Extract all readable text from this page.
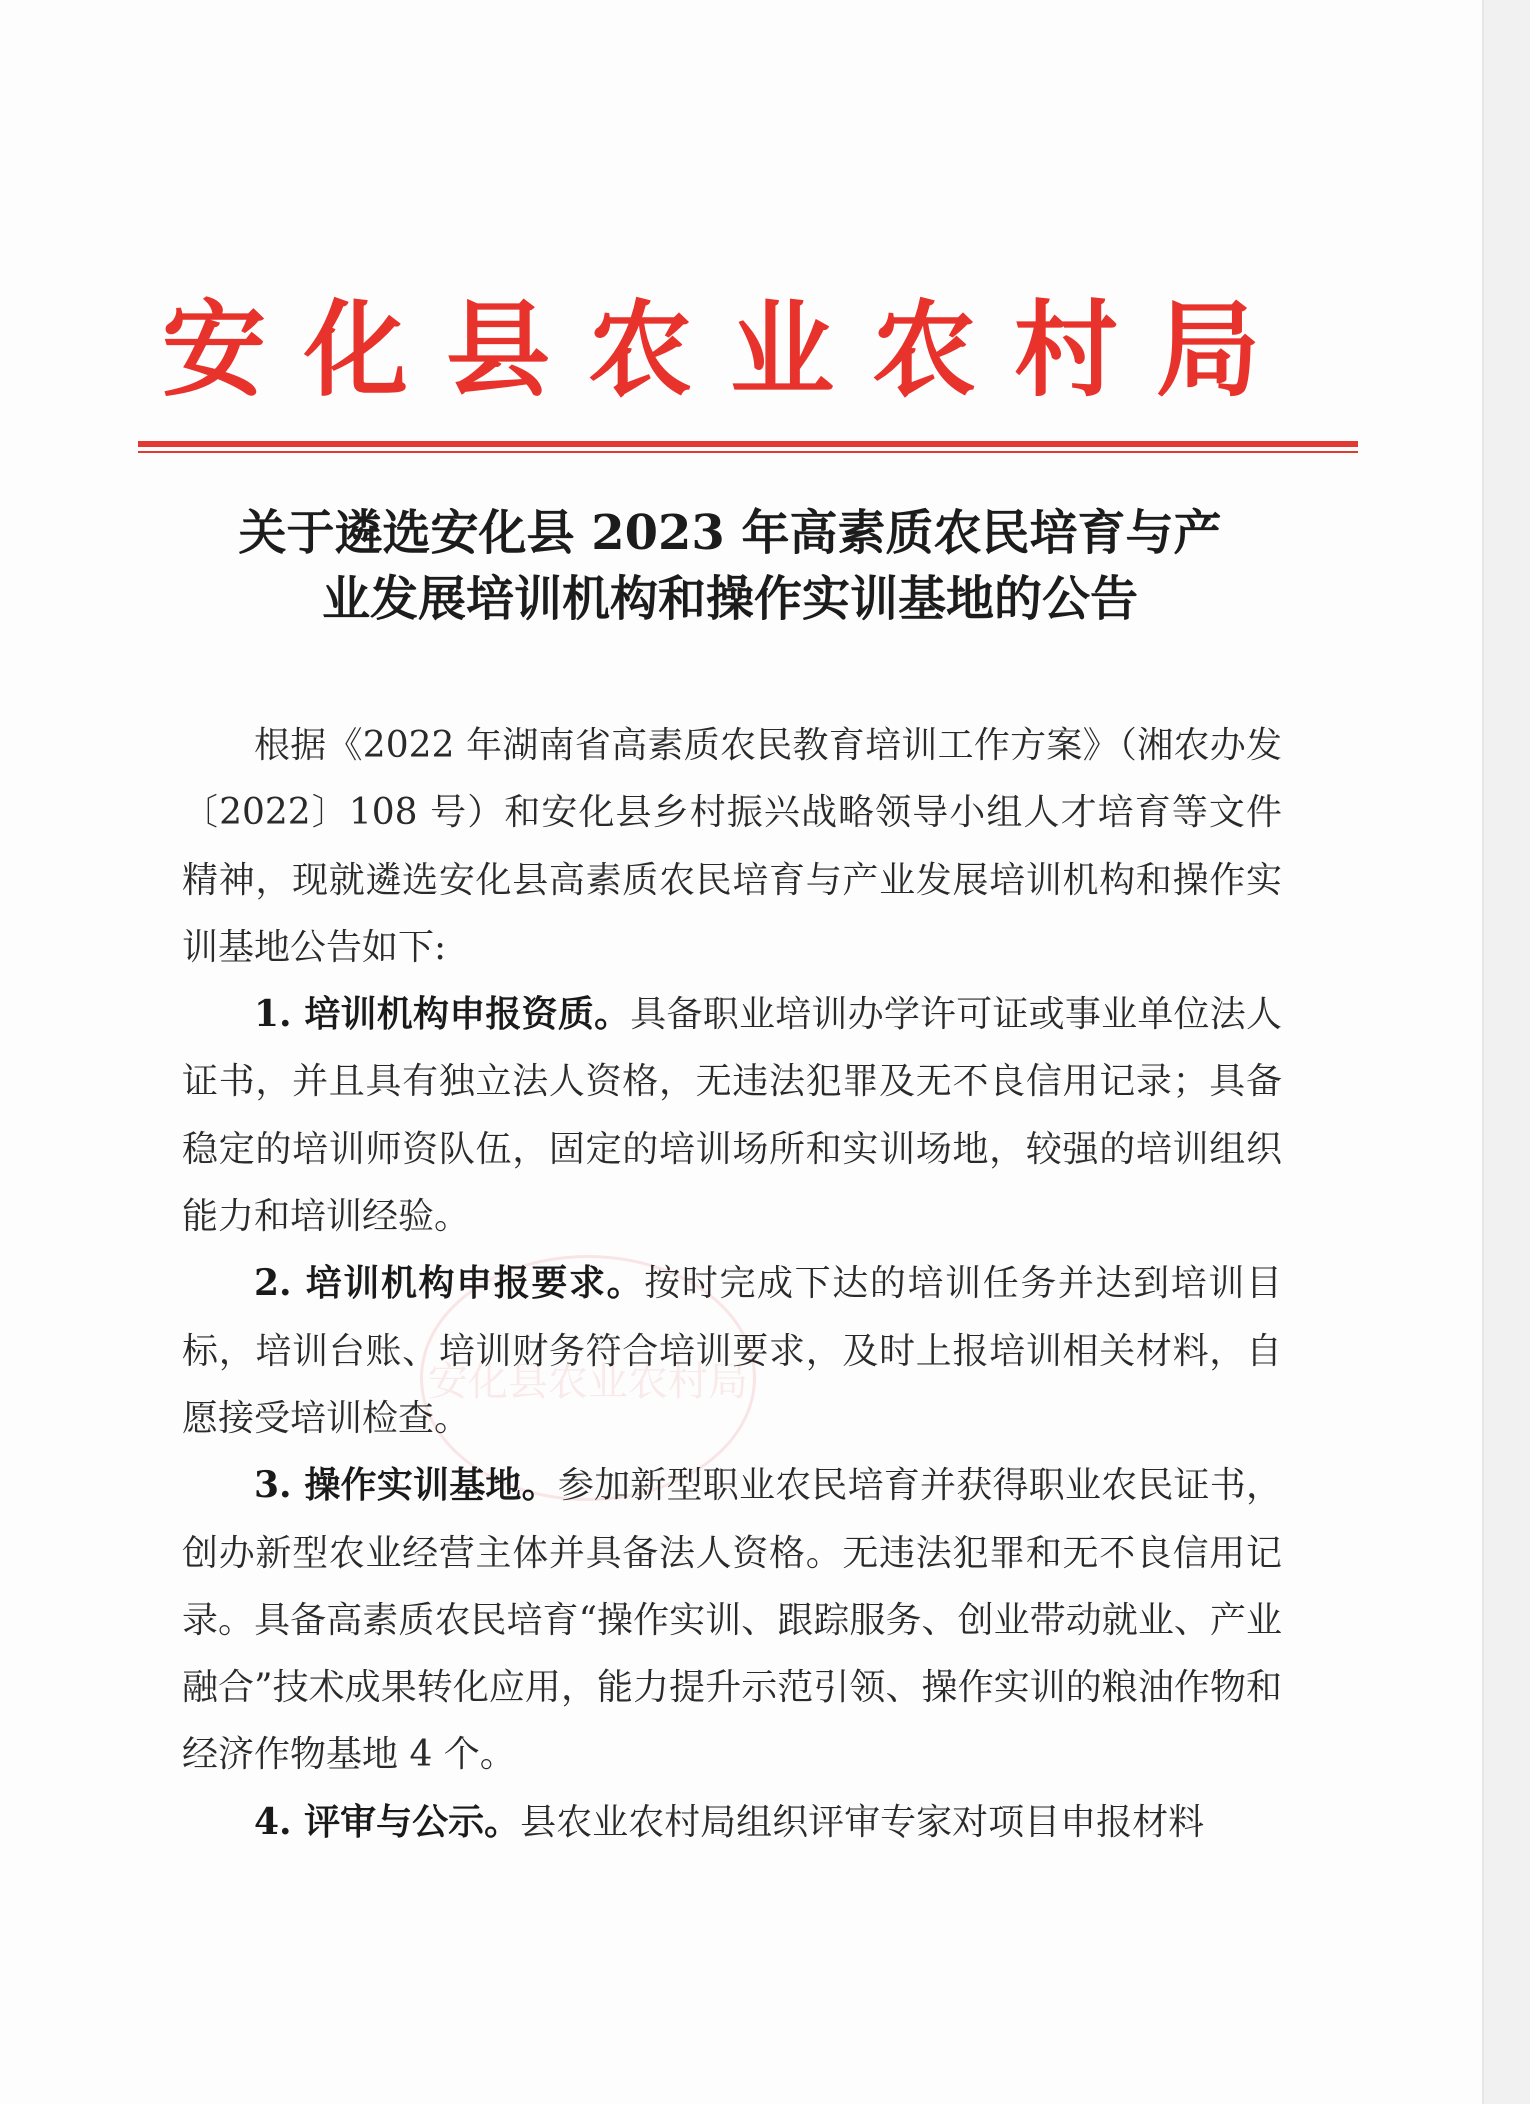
安化县农业农村局
安化县农业农村局
关于遴选安化县 2023 年高素质农民培育与产
业发展培训机构和操作实训基地的公告

根据《2022 年湖南省高素质农民教育培训工作方案》（湘农办发〔2022〕108 号）和安化县乡村振兴战略领导小组人才培育等文件精神，现就遴选安化县高素质农民培育与产业发展培训机构和操作实训基地公告如下:

1. 培训机构申报资质。具备职业培训办学许可证或事业单位法人证书，并且具有独立法人资格，无违法犯罪及无不良信用记录；具备稳定的培训师资队伍，固定的培训场所和实训场地，较强的培训组织能力和培训经验。

2. 培训机构申报要求。按时完成下达的培训任务并达到培训目标，培训台账、培训财务符合培训要求，及时上报培训相关材料，自愿接受培训检查。

3. 操作实训基地。参加新型职业农民培育并获得职业农民证书，创办新型农业经营主体并具备法人资格。无违法犯罪和无不良信用记录。具备高素质农民培育“操作实训、跟踪服务、创业带动就业、产业融合”技术成果转化应用，能力提升示范引领、操作实训的粮油作物和经济作物基地 4 个。

4. 评审与公示。县农业农村局组织评审专家对项目申报材料
